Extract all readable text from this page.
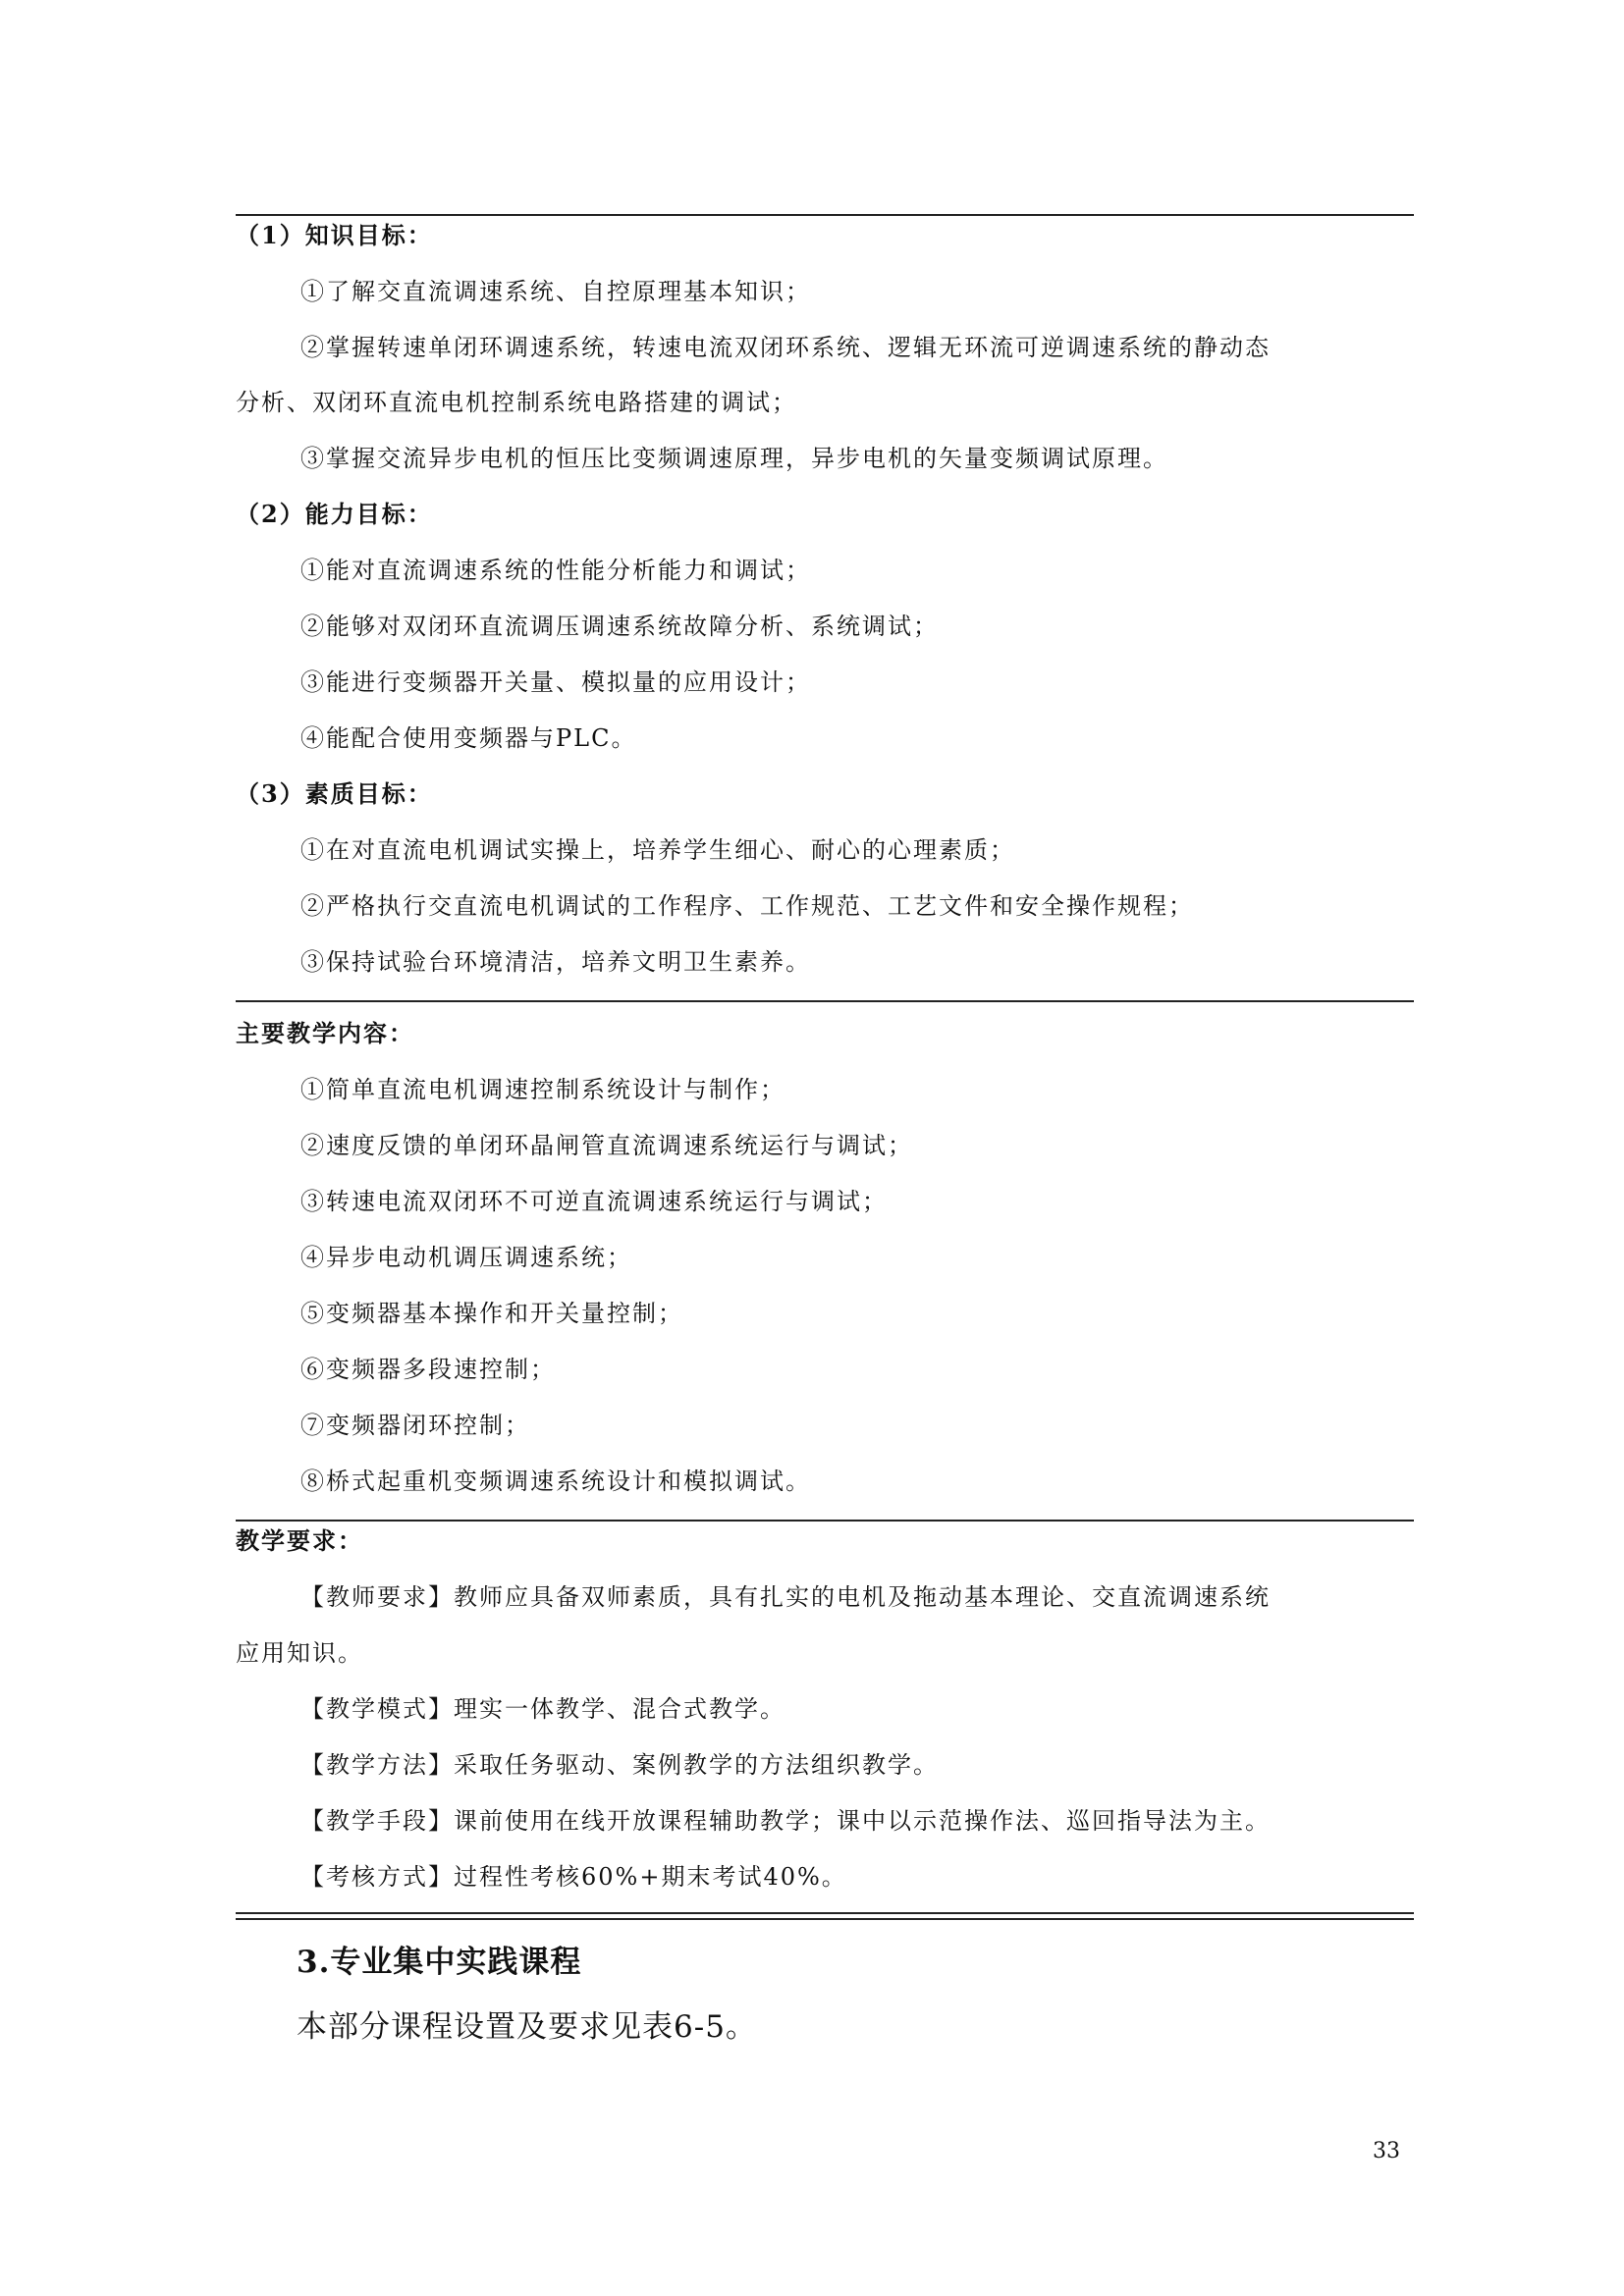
（1）知识目标：
①了解交直流调速系统、自控原理基本知识；
②掌握转速单闭环调速系统，转速电流双闭环系统、逻辑无环流可逆调速系统的静动态
分析、双闭环直流电机控制系统电路搭建的调试；
③掌握交流异步电机的恒压比变频调速原理，异步电机的矢量变频调试原理。
（2）能力目标：
①能对直流调速系统的性能分析能力和调试；
②能够对双闭环直流调压调速系统故障分析、系统调试；
③能进行变频器开关量、模拟量的应用设计；
④能配合使用变频器与PLC。
（3）素质目标：
①在对直流电机调试实操上，培养学生细心、耐心的心理素质；
②严格执行交直流电机调试的工作程序、工作规范、工艺文件和安全操作规程；
③保持试验台环境清洁，培养文明卫生素养。
主要教学内容：
①简单直流电机调速控制系统设计与制作；
②速度反馈的单闭环晶闸管直流调速系统运行与调试；
③转速电流双闭环不可逆直流调速系统运行与调试；
④异步电动机调压调速系统；
⑤变频器基本操作和开关量控制；
⑥变频器多段速控制；
⑦变频器闭环控制；
⑧桥式起重机变频调速系统设计和模拟调试。
教学要求：
【教师要求】教师应具备双师素质，具有扎实的电机及拖动基本理论、交直流调速系统
应用知识。
【教学模式】理实一体教学、混合式教学。
【教学方法】采取任务驱动、案例教学的方法组织教学。
【教学手段】课前使用在线开放课程辅助教学；课中以示范操作法、巡回指导法为主。
【考核方式】过程性考核60%+期末考试40%。
3.专业集中实践课程
本部分课程设置及要求见表6-5。
33
